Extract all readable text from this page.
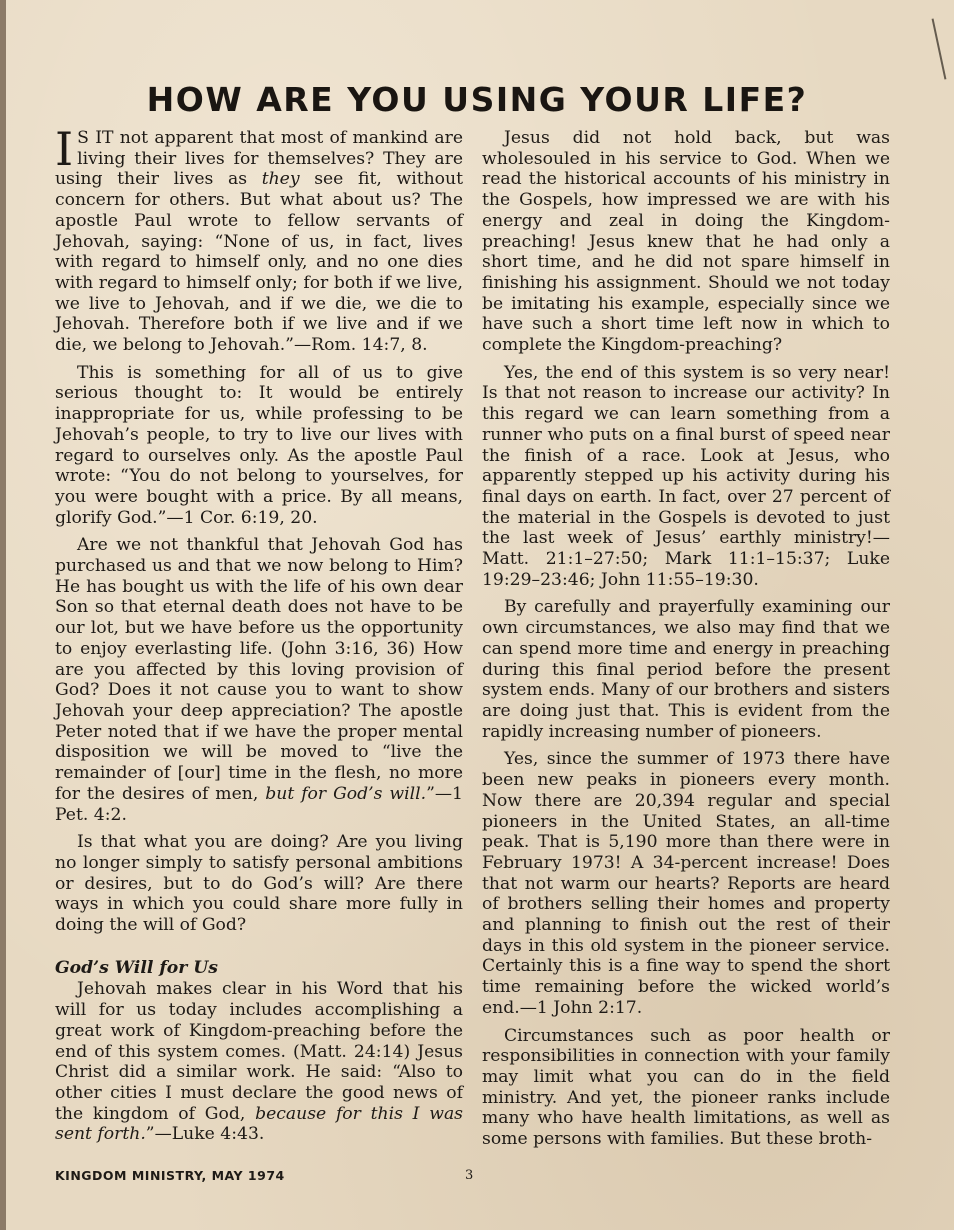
HOW ARE YOU USING YOUR LIFE?

I S IT not apparent that most of mankind are living their lives for themselves? They are using their lives as they see fit, without concern for others. But what about us? The apostle Paul wrote to fellow servants of Jehovah, saying: “None of us, in fact, lives with regard to himself only, and no one dies with regard to himself only; for both if we live, we live to Jehovah, and if we die, we die to Jehovah. Therefore both if we live and if we die, we belong to Jehovah.”—Rom. 14:7, 8.

This is something for all of us to give serious thought to: It would be entirely inappropriate for us, while professing to be Jehovah’s people, to try to live our lives with regard to ourselves only. As the apostle Paul wrote: “You do not belong to yourselves, for you were bought with a price. By all means, glorify God.”—1 Cor. 6:19, 20.

Are we not thankful that Jehovah God has purchased us and that we now belong to Him? He has bought us with the life of his own dear Son so that eternal death does not have to be our lot, but we have before us the opportunity to enjoy everlasting life. (John 3:16, 36) How are you affected by this loving provision of God? Does it not cause you to want to show Jehovah your deep appreciation? The apostle Peter noted that if we have the proper mental disposition we will be moved to “live the remainder of [our] time in the flesh, no more for the desires of men, but for God’s will.”—1 Pet. 4:2.

Is that what you are doing? Are you living no longer simply to satisfy personal ambitions or desires, but to do God’s will? Are there ways in which you could share more fully in doing the will of God?

God’s Will for Us

Jehovah makes clear in his Word that his will for us today includes accomplishing a great work of Kingdom-preaching before the end of this system comes. (Matt. 24:14) Jesus Christ did a similar work. He said: “Also to other cities I must declare the good news of the kingdom of God, because for this I was sent forth.”—Luke 4:43.

Jesus did not hold back, but was wholesouled in his service to God. When we read the historical accounts of his ministry in the Gospels, how impressed we are with his energy and zeal in doing the Kingdom-preaching! Jesus knew that he had only a short time, and he did not spare himself in finishing his assignment. Should we not today be imitating his example, especially since we have such a short time left now in which to complete the Kingdom-preaching?

Yes, the end of this system is so very near! Is that not reason to increase our activity? In this regard we can learn something from a runner who puts on a final burst of speed near the finish of a race. Look at Jesus, who apparently stepped up his activity during his final days on earth. In fact, over 27 percent of the material in the Gospels is devoted to just the last week of Jesus’ earthly ministry!—Matt. 21:1–27:50; Mark 11:1–15:37; Luke 19:29–23:46; John 11:55–19:30.

By carefully and prayerfully examining our own circumstances, we also may find that we can spend more time and energy in preaching during this final period before the present system ends. Many of our brothers and sisters are doing just that. This is evident from the rapidly increasing number of pioneers.

Yes, since the summer of 1973 there have been new peaks in pioneers every month. Now there are 20,394 regular and special pioneers in the United States, an all-time peak. That is 5,190 more than there were in February 1973! A 34-percent increase! Does that not warm our hearts? Reports are heard of brothers selling their homes and property and planning to finish out the rest of their days in this old system in the pioneer service. Certainly this is a fine way to spend the short time remaining before the wicked world’s end.—1 John 2:17.

Circumstances such as poor health or responsibilities in connection with your family may limit what you can do in the field ministry. And yet, the pioneer ranks include many who have health limitations, as well as some persons with families. But these broth-

KINGDOM MINISTRY, MAY 1974	3
